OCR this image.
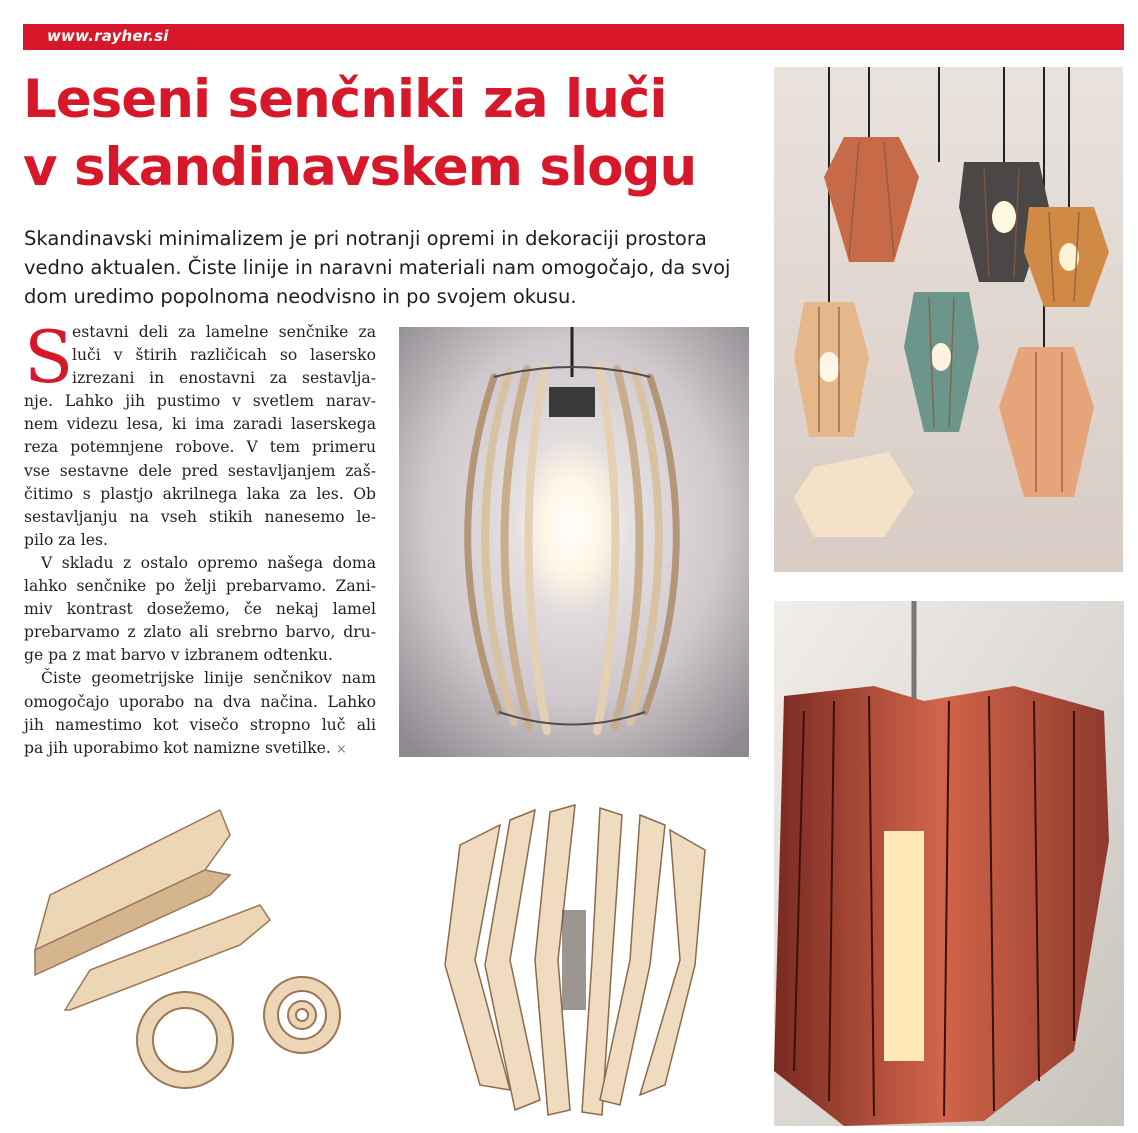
www.rayher.si
Leseni senčniki za luči
v skandinavskem slogu

Skandinavski minimalizem je pri notranji opremi in dekoraciji prostora
vedno aktualen. Čiste linije in naravni materiali nam omogočajo, da svoj
dom uredimo popolnoma neodvisno in po svojem okusu.

S
estavni deli za lamelne senčnike za
luči v štirih različicah so lasersko
izrezani in enostavni za sestavlja-
nje. Lahko jih pustimo v svetlem narav-
nem videzu lesa, ki ima zaradi laserskega
reza potemnjene robove. V tem primeru
vse sestavne dele pred sestavljanjem zaš-
čitimo s plastjo akrilnega laka za les. Ob
sestavljanju na vseh stikih nanesemo le-
pilo za les.
V skladu z ostalo opremo našega doma
lahko senčnike po želji prebarvamo. Zani-
miv kontrast dosežemo, če nekaj lamel
prebarvamo z zlato ali srebrno barvo, dru-
ge pa z mat barvo v izbranem odtenku.
Čiste geometrijske linije senčnikov nam
omogočajo uporabo na dva načina. Lahko
jih namestimo kot visečo stropno luč ali
pa jih uporabimo kot namizne svetilke. ×
